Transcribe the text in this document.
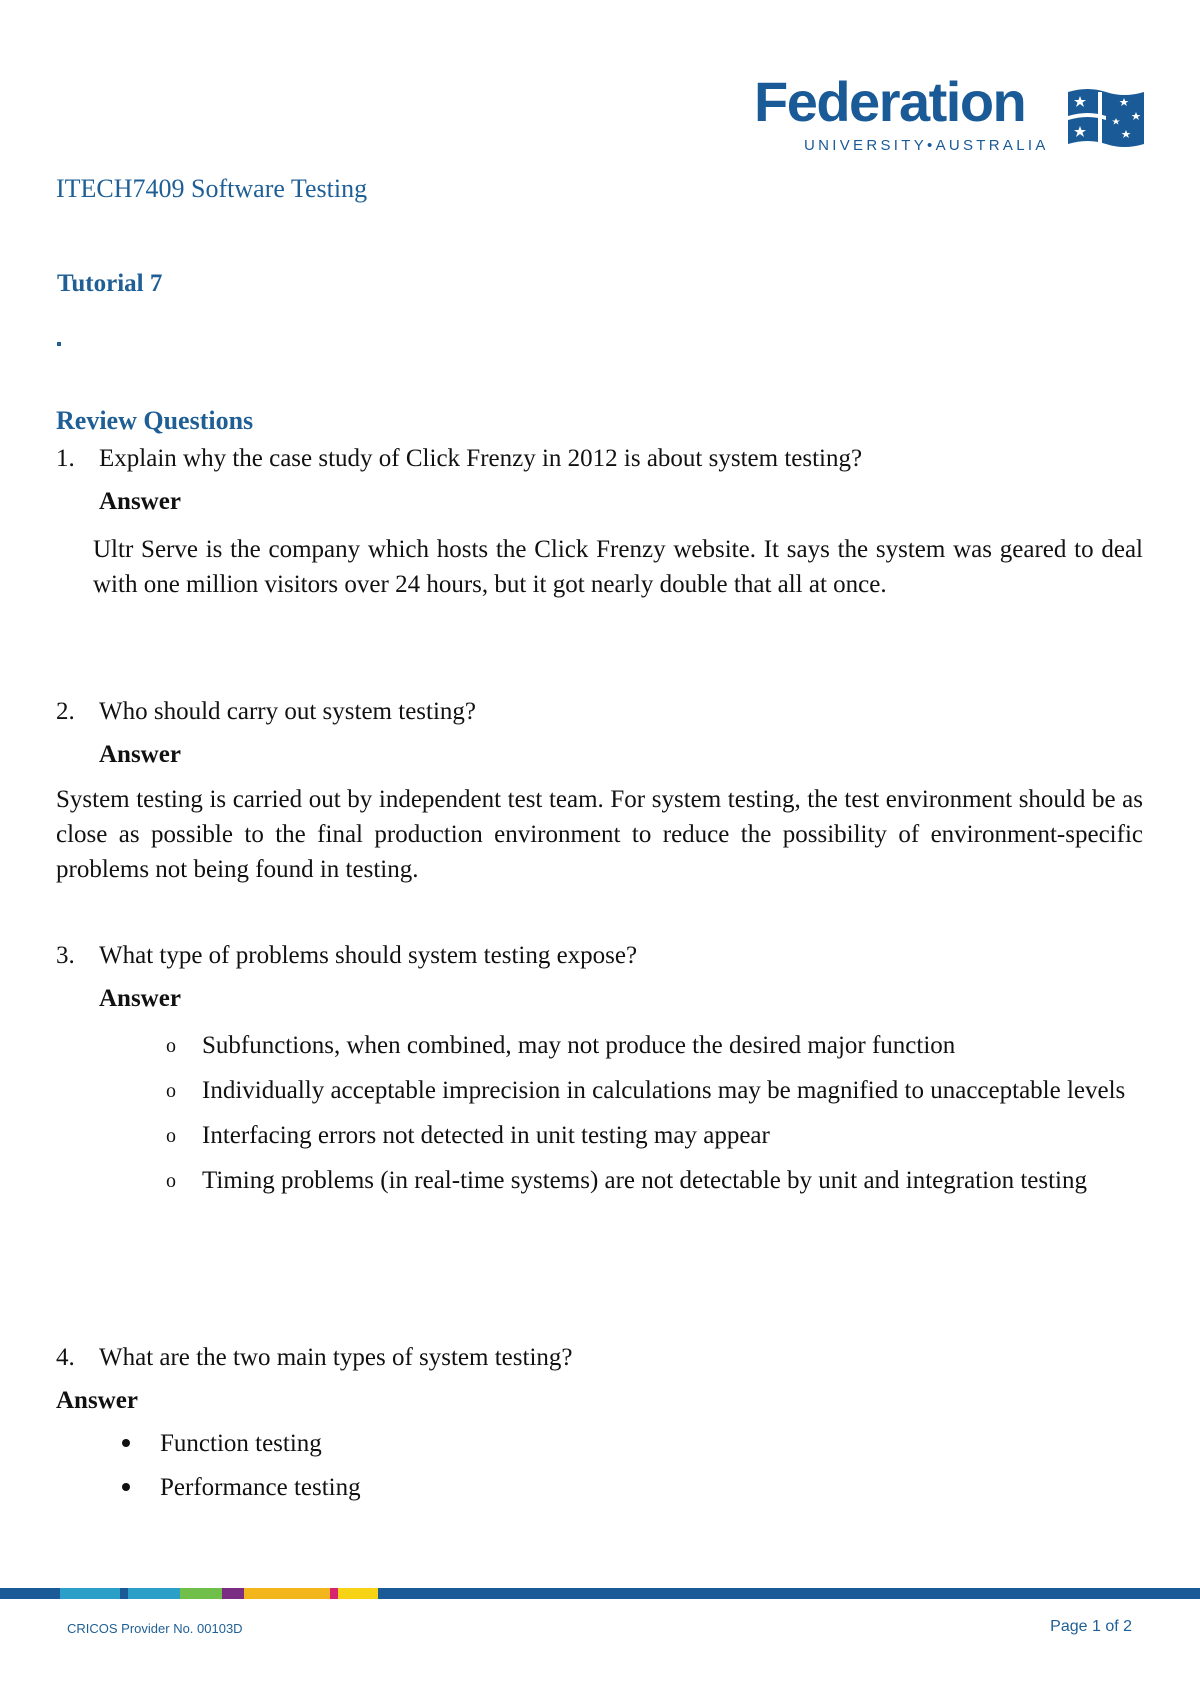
Federation
UNIVERSITY•AUSTRALIA
ITECH7409 Software Testing
Tutorial 7
Review Questions
1. Explain why the case study of Click Frenzy in 2012 is about system testing?
Answer
Ultr Serve is the company which hosts the Click Frenzy website. It says the system was geared to deal with one million visitors over 24 hours, but it got nearly double that all at once.
2. Who should carry out system testing?
Answer
System testing is carried out by independent test team. For system testing, the test environment should be as close as possible to the final production environment to reduce the possibility of environment-specific problems not being found in testing.
3. What type of problems should system testing expose?
Answer
o Subfunctions, when combined, may not produce the desired major function
o Individually acceptable imprecision in calculations may be magnified to unacceptable levels
o Interfacing errors not detected in unit testing may appear
o Timing problems (in real-time systems) are not detectable by unit and integration testing
4. What are the two main types of system testing?
Answer
Function testing
Performance testing
CRICOS Provider No. 00103D	Page 1 of 2
